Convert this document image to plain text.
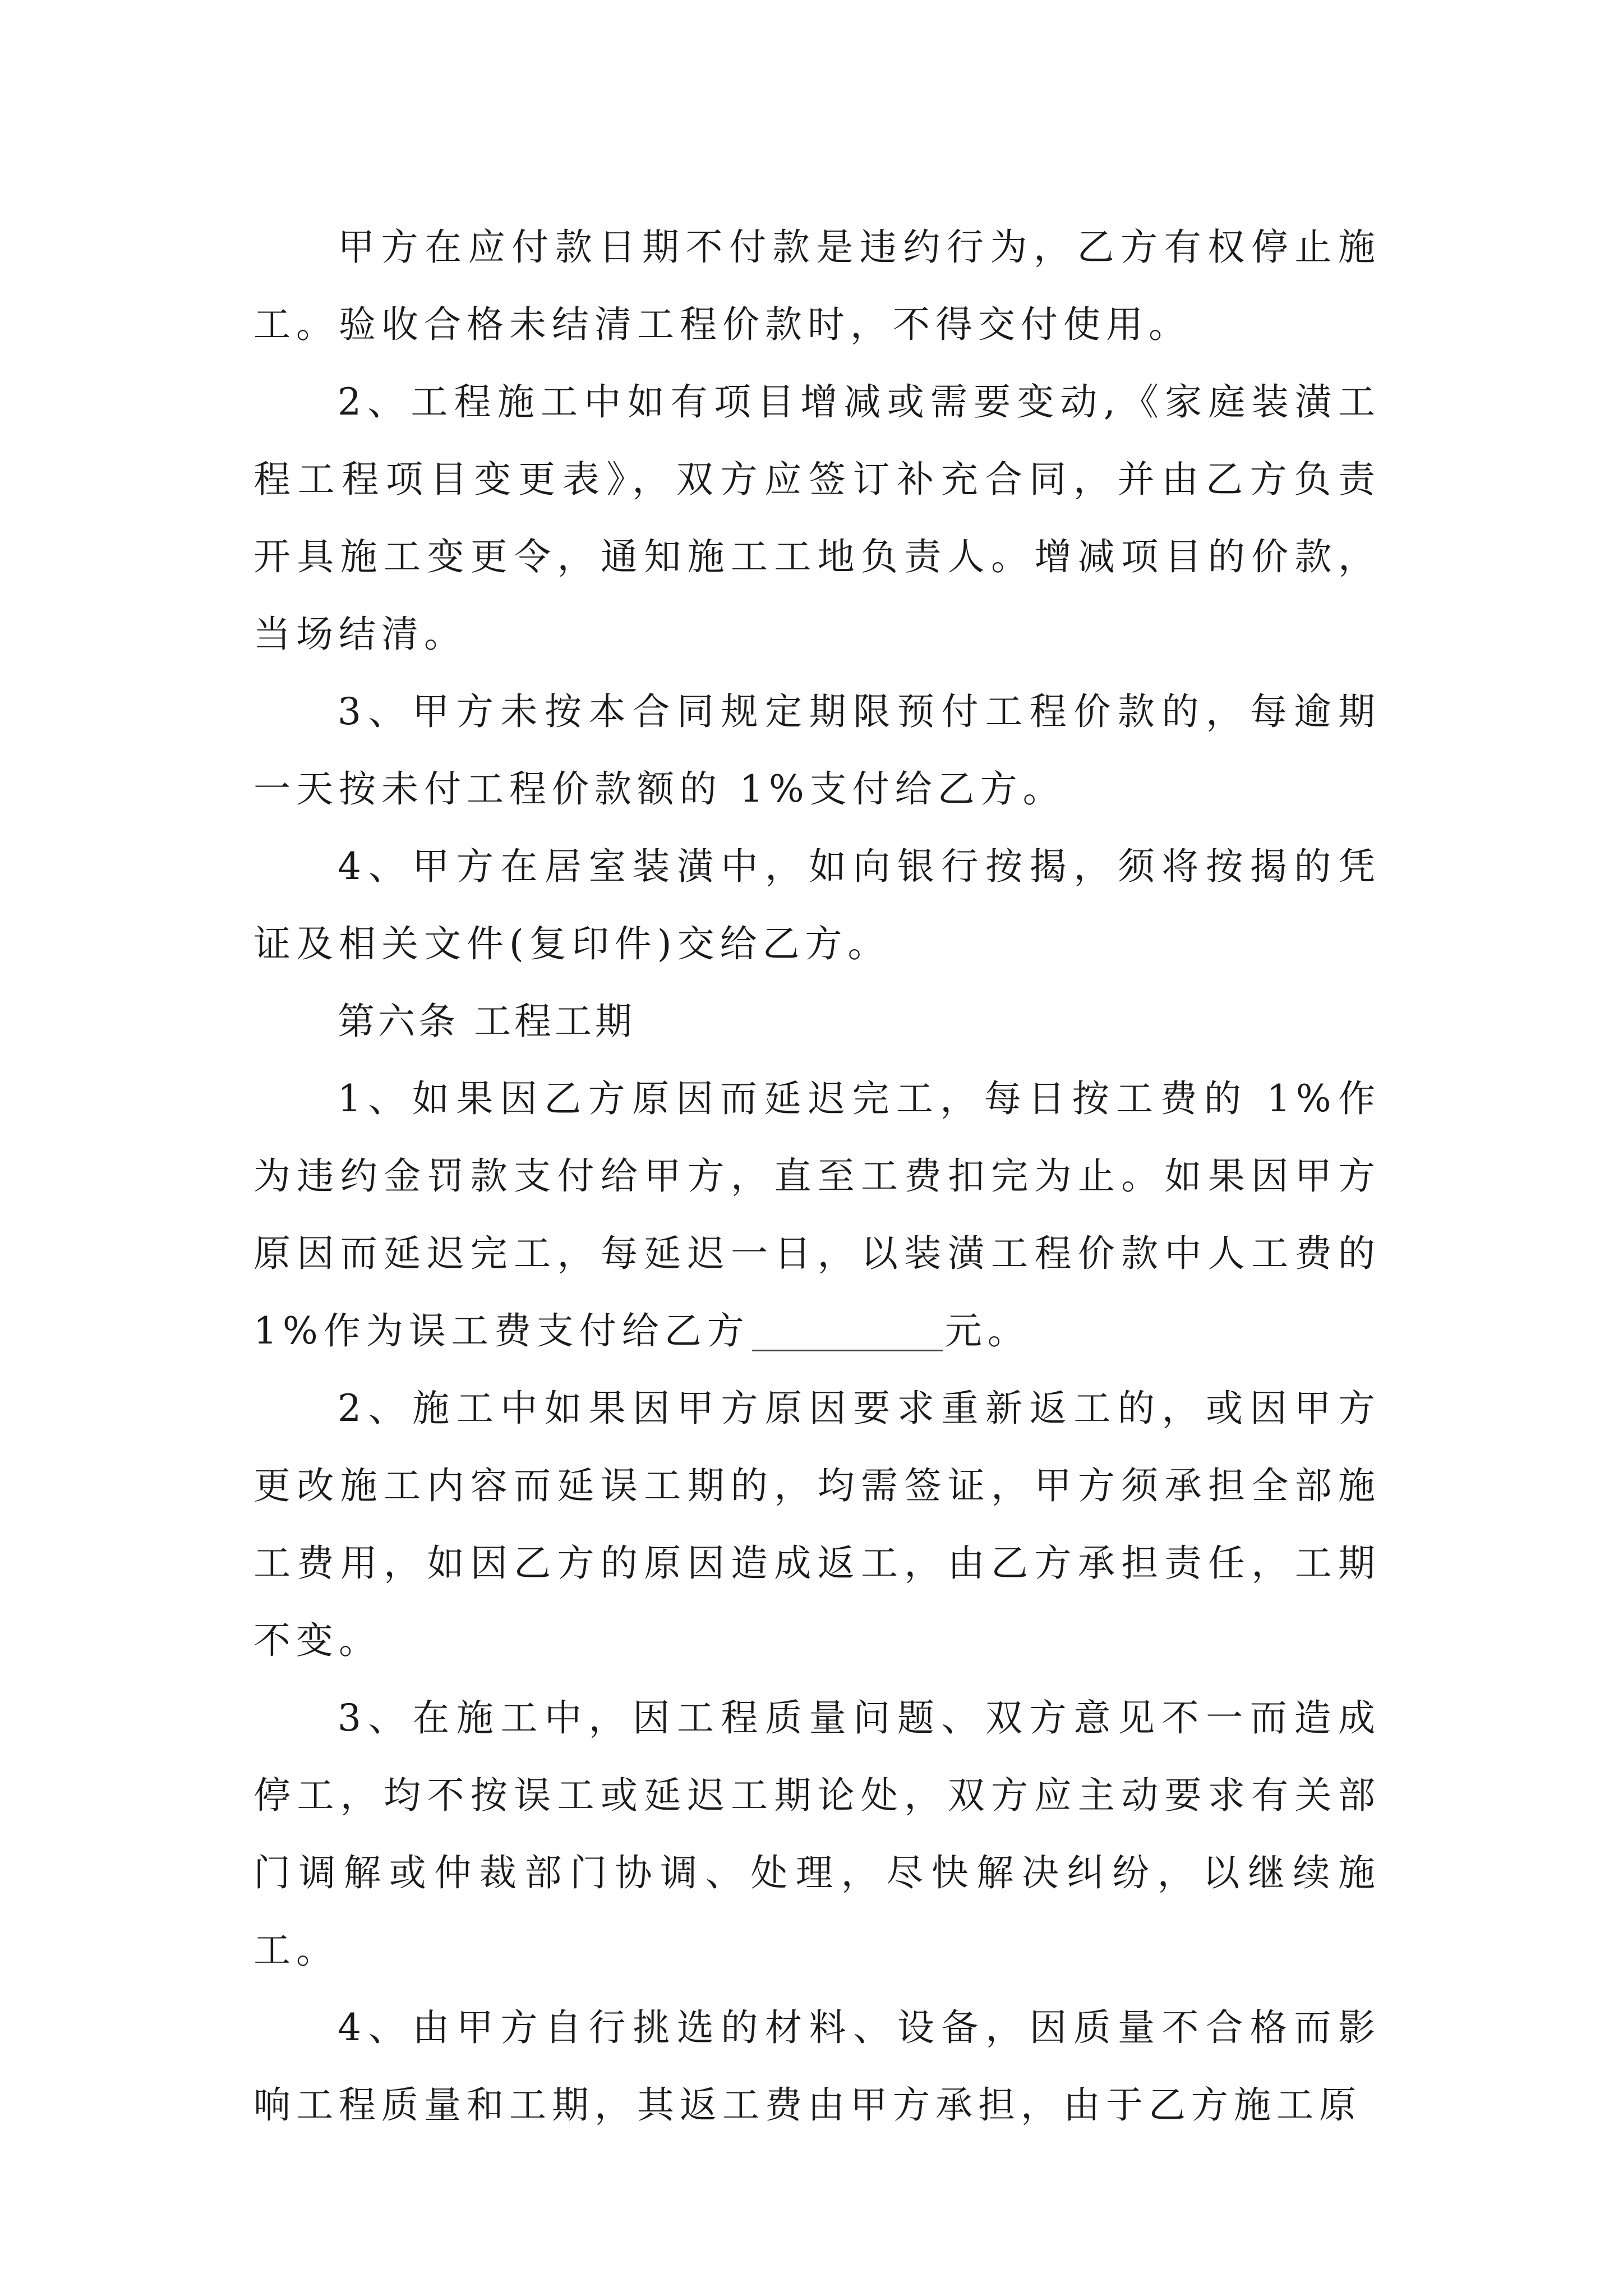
甲方在应付款日期不付款是违约行为，乙方有权停止施工。验收合格未结清工程价款时，不得交付使用。

2、工程施工中如有项目增减或需要变动,《家庭装潢工程工程项目变更表》，双方应签订补充合同，并由乙方负责开具施工变更令，通知施工工地负责人。增减项目的价款，当场结清。

3、甲方未按本合同规定期限预付工程价款的，每逾期一天按未付工程价款额的 1%支付给乙方。

4、甲方在居室装潢中，如向银行按揭，须将按揭的凭证及相关文件(复印件)交给乙方。

第六条 工程工期

1、如果因乙方原因而延迟完工，每日按工费的 1%作为违约金罚款支付给甲方，直至工费扣完为止。如果因甲方原因而延迟完工，每延迟一日，以装潢工程价款中人工费的 1%作为误工费支付给乙方	元。

2、施工中如果因甲方原因要求重新返工的，或因甲方更改施工内容而延误工期的，均需签证，甲方须承担全部施工费用，如因乙方的原因造成返工，由乙方承担责任，工期不变。

3、在施工中，因工程质量问题、双方意见不一而造成停工，均不按误工或延迟工期论处，双方应主动要求有关部门调解或仲裁部门协调、处理，尽快解决纠纷，以继续施工。

4、由甲方自行挑选的材料、设备，因质量不合格而影响工程质量和工期，其返工费由甲方承担，由于乙方施工原
